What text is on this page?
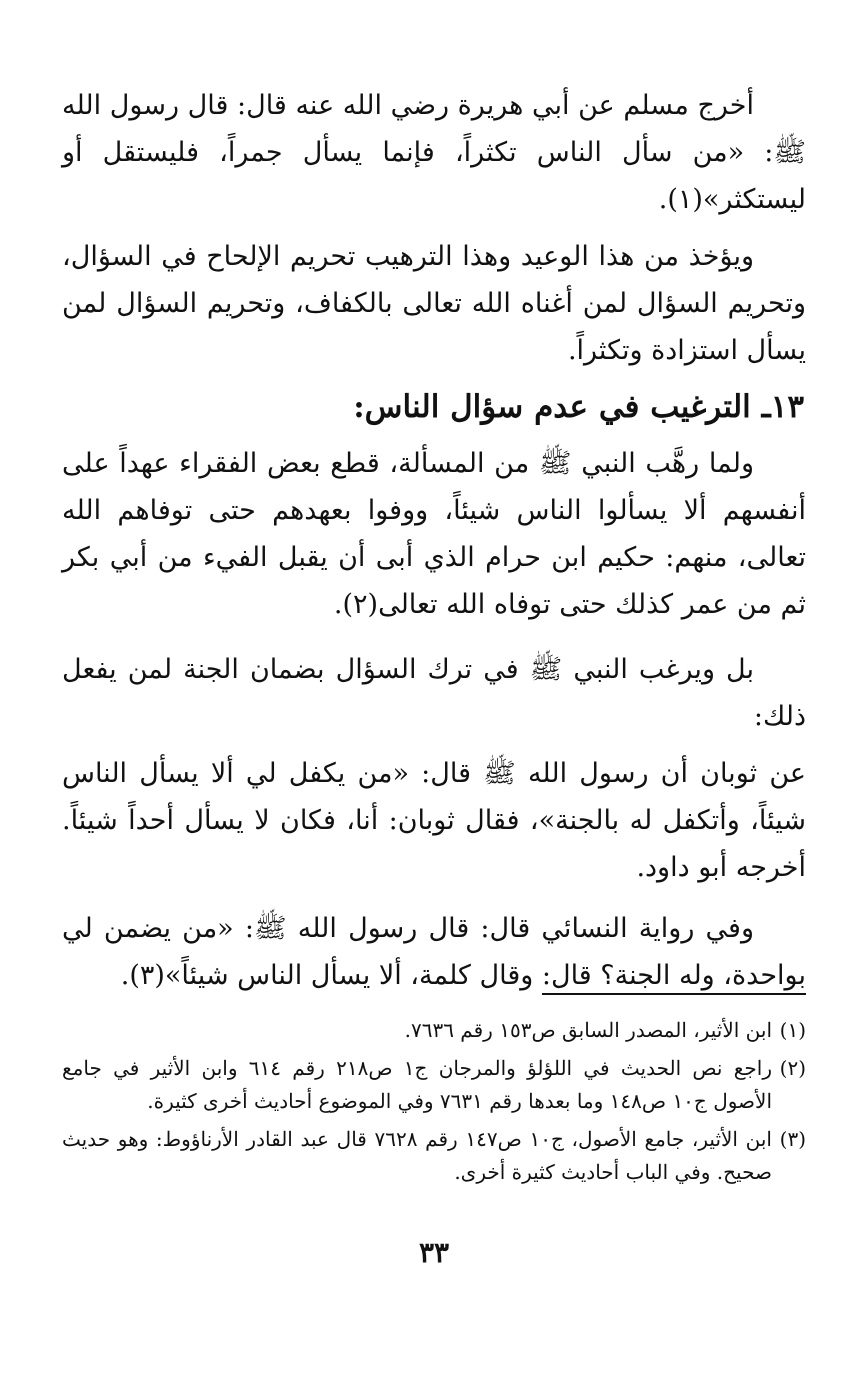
أخرج مسلم عن أبي هريرة رضي الله عنه قال: قال رسول الله ﷺ: «من سأل الناس تكثراً، فإنما يسأل جمراً، فليستقل أو ليستكثر»(١).

ويؤخذ من هذا الوعيد وهذا الترهيب تحريم الإلحاح في السؤال، وتحريم السؤال لمن أغناه الله تعالى بالكفاف، وتحريم السؤال لمن يسأل استزادة وتكثراً.

١٣ـ الترغيب في عدم سؤال الناس:

ولما رهَّب النبي ﷺ من المسألة، قطع بعض الفقراء عهداً على أنفسهم ألا يسألوا الناس شيئاً، ووفوا بعهدهم حتى توفاهم الله تعالى، منهم: حكيم ابن حرام الذي أبى أن يقبل الفيء من أبي بكر ثم من عمر كذلك حتى توفاه الله تعالى(٢).

بل ويرغب النبي ﷺ في ترك السؤال بضمان الجنة لمن يفعل ذلك:

عن ثوبان أن رسول الله ﷺ قال: «من يكفل لي ألا يسأل الناس شيئاً، وأتكفل له بالجنة»، فقال ثوبان: أنا، فكان لا يسأل أحداً شيئاً. أخرجه أبو داود.

وفي رواية النسائي قال: قال رسول الله ﷺ: «من يضمن لي بواحدة، وله الجنة؟ قال: وقال كلمة، ألا يسأل الناس شيئاً»(٣).

(١)
ابن الأثير، المصدر السابق ص١٥٣ رقم ٧٦٣٦.
(٢)
راجع نص الحديث في اللؤلؤ والمرجان ج١ ص٢١٨ رقم ٦١٤ وابن الأثير في جامع الأصول ج١٠ ص١٤٨ وما بعدها رقم ٧٦٣١ وفي الموضوع أحاديث أخرى كثيرة.
(٣)
ابن الأثير، جامع الأصول، ج١٠ ص١٤٧ رقم ٧٦٢٨ قال عبد القادر الأرناؤوط: وهو حديث صحيح. وفي الباب أحاديث كثيرة أخرى.
٣٣
